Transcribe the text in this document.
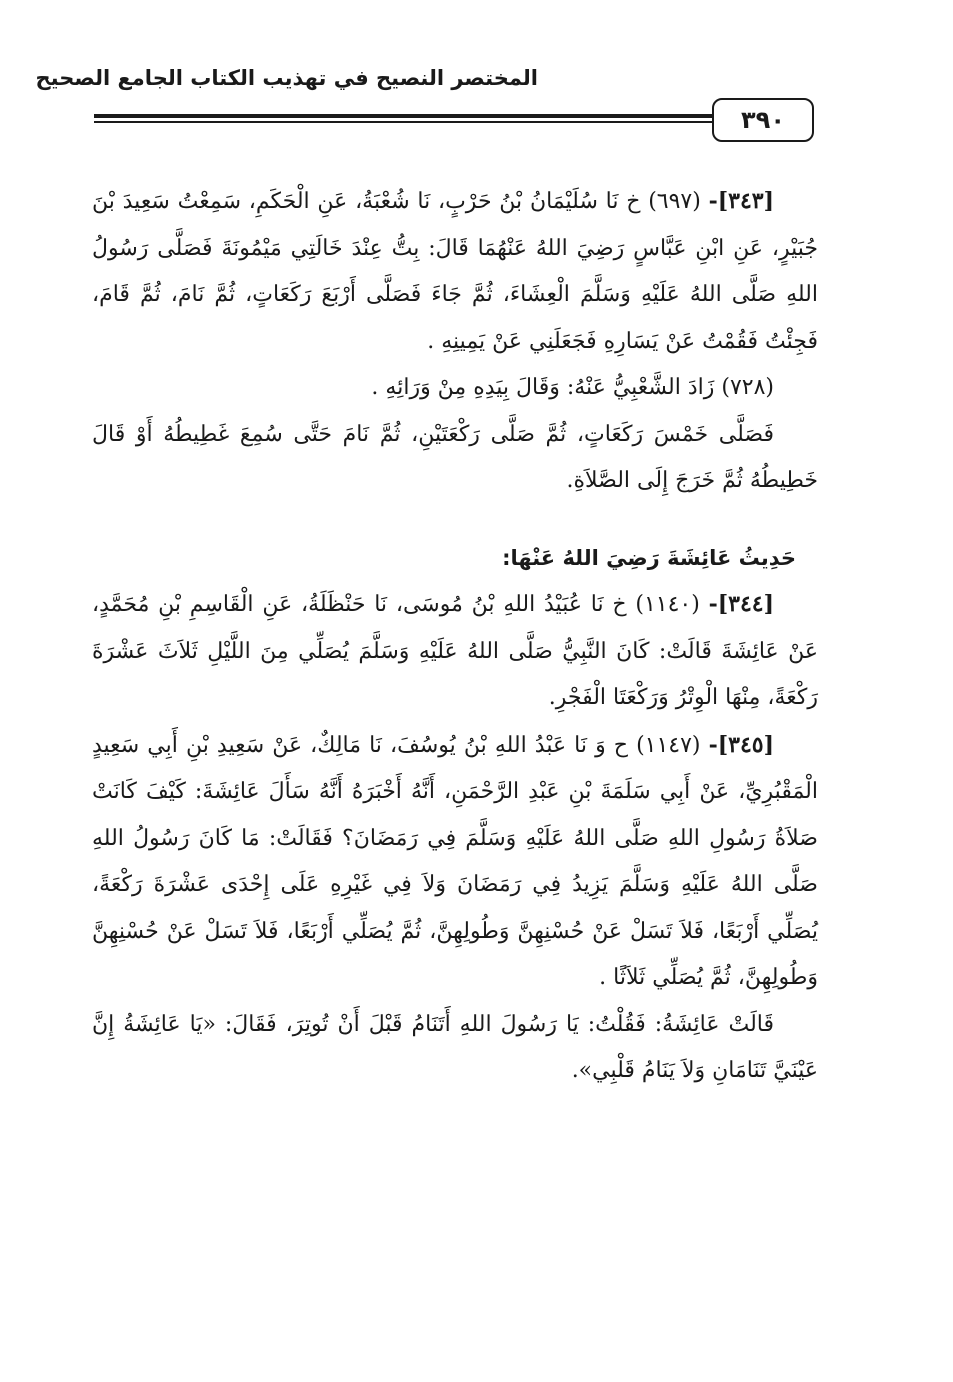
المختصر النصيح في تهذيب الكتاب الجامع الصحيح
٣٩٠

[٣٤٣]- (٦٩٧) خ نَا سُلَيْمَانُ بْنُ حَرْبٍ، نَا شُعْبَةُ، عَنِ الْحَكَمِ، سَمِعْتُ سَعِيدَ بْنَ جُبَيْرٍ، عَنِ ابْنِ عَبَّاسٍ رَضِيَ اللهُ عَنْهُمَا قَالَ: بِتُّ عِنْدَ خَالَتِي مَيْمُونَةَ فَصَلَّى رَسُولُ اللهِ صَلَّى اللهُ عَلَيْهِ وَسَلَّمَ الْعِشَاءَ، ثُمَّ جَاءَ فَصَلَّى أَرْبَعَ رَكَعَاتٍ، ثُمَّ نَامَ، ثُمَّ قَامَ، فَجِئْتُ فَقُمْتُ عَنْ يَسَارِهِ فَجَعَلَنِي عَنْ يَمِينِهِ .

(٧٢٨) زَادَ الشَّعْبِيُّ عَنْهُ: وَقَالَ بِيَدِهِ مِنْ وَرَائِهِ .

فَصَلَّى خَمْسَ رَكَعَاتٍ، ثُمَّ صَلَّى رَكْعَتَيْنِ، ثُمَّ نَامَ حَتَّى سُمِعَ غَطِيطُهُ أَوْ قَالَ خَطِيطُهُ ثُمَّ خَرَجَ إِلَى الصَّلاَةِ.

حَدِيثُ عَائِشَةَ رَضِيَ اللهُ عَنْهَا:

[٣٤٤]- (١١٤٠) خ نَا عُبَيْدُ اللهِ بْنُ مُوسَى، نَا حَنْظَلَةُ، عَنِ الْقَاسِمِ بْنِ مُحَمَّدٍ، عَنْ عَائِشَةَ قَالَتْ: كَانَ النَّبِيُّ صَلَّى اللهُ عَلَيْهِ وَسَلَّمَ يُصَلِّي مِنَ اللَّيْلِ ثَلاَثَ عَشْرَةَ رَكْعَةً، مِنْهَا الْوِتْرُ وَرَكْعَتَا الْفَجْرِ.

[٣٤٥]- (١١٤٧) ح وَ نَا عَبْدُ اللهِ بْنُ يُوسُفَ، نَا مَالِكٌ، عَنْ سَعِيدِ بْنِ أَبِي سَعِيدٍ الْمَقْبُرِيِّ، عَنْ أَبِي سَلَمَةَ بْنِ عَبْدِ الرَّحْمَنِ، أَنَّهُ أَخْبَرَهُ أَنَّهُ سَأَلَ عَائِشَةَ: كَيْفَ كَانَتْ صَلاَةُ رَسُولِ اللهِ صَلَّى اللهُ عَلَيْهِ وَسَلَّمَ فِي رَمَضَانَ؟ فَقَالَتْ: مَا كَانَ رَسُولُ اللهِ صَلَّى اللهُ عَلَيْهِ وَسَلَّمَ يَزِيدُ فِي رَمَضَانَ وَلاَ فِي غَيْرِهِ عَلَى إِحْدَى عَشْرَةَ رَكْعَةً، يُصَلِّي أَرْبَعًا، فَلاَ تَسَلْ عَنْ حُسْنِهِنَّ وَطُولِهِنَّ، ثُمَّ يُصَلِّي أَرْبَعًا، فَلاَ تَسَلْ عَنْ حُسْنِهِنَّ وَطُولِهِنَّ، ثُمَّ يُصَلِّي ثَلاَثًا .

قَالَتْ عَائِشَةُ: فَقُلْتُ: يَا رَسُولَ اللهِ أَتَنَامُ قَبْلَ أَنْ تُوتِرَ، فَقَالَ: «يَا عَائِشَةُ إِنَّ عَيْنَيَّ تَنَامَانِ وَلاَ يَنَامُ قَلْبِي».
